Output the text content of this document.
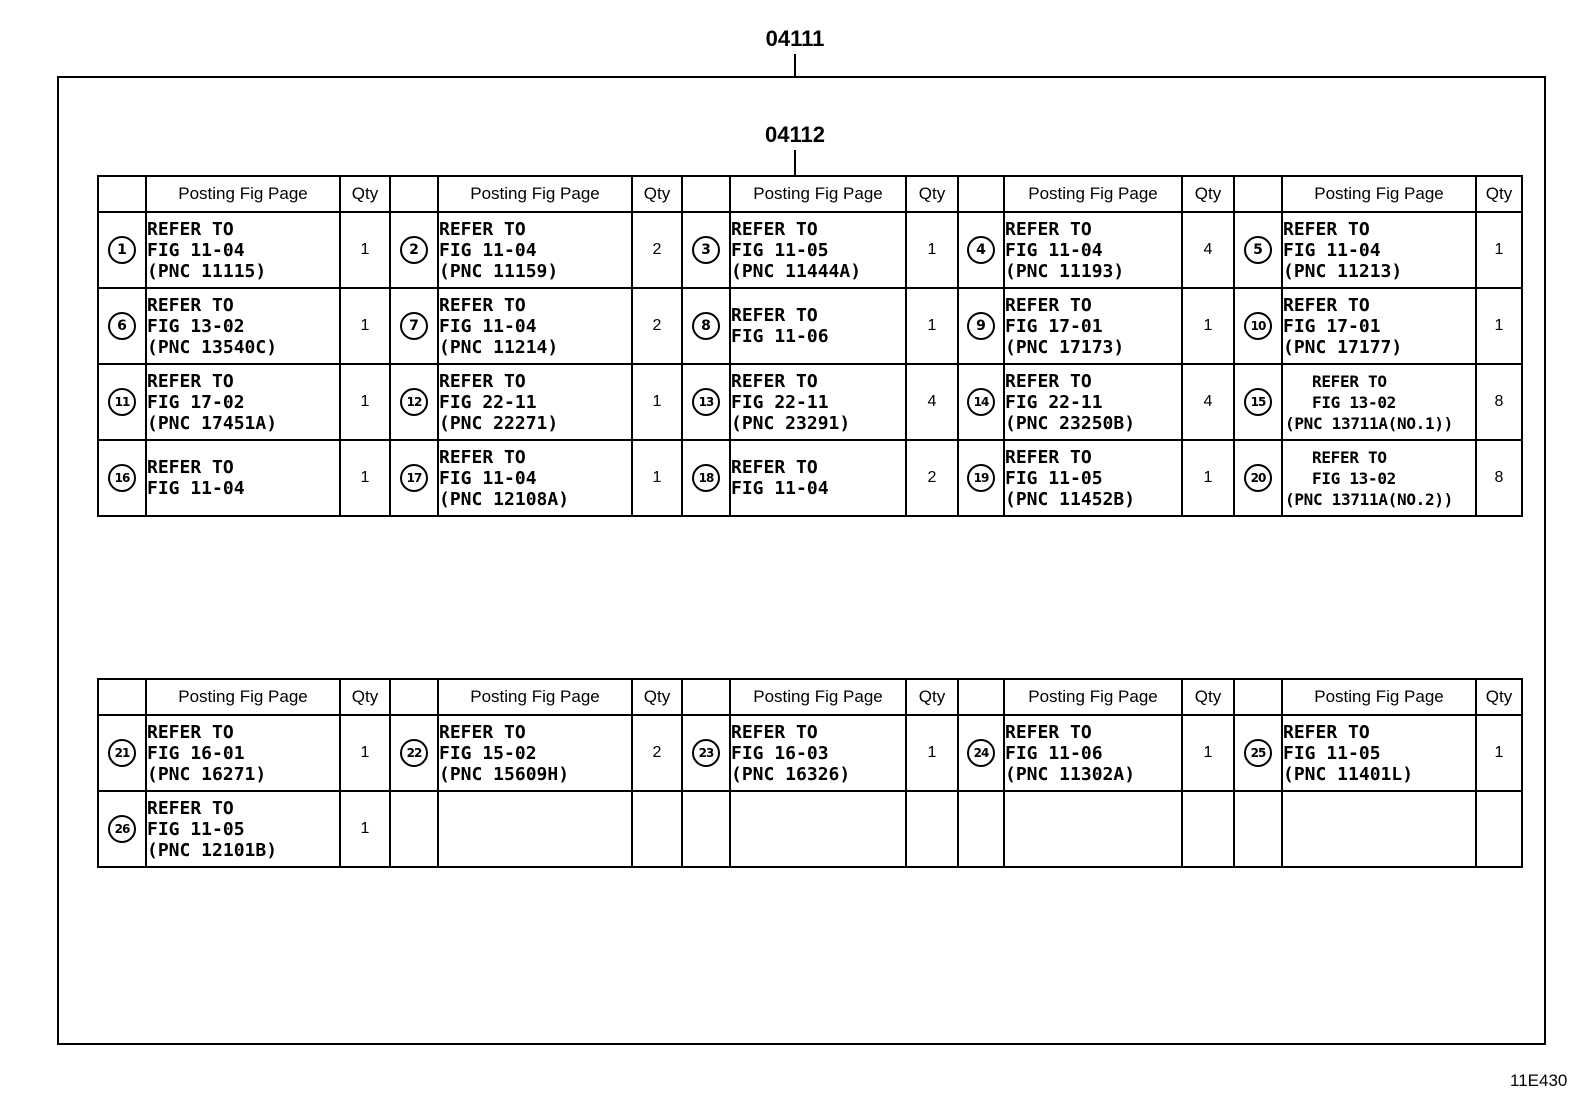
04111
04112
	Posting Fig Page	Qty		Posting Fig Page	Qty		Posting Fig Page	Qty		Posting Fig Page	Qty		Posting Fig Page	Qty
1	REFER TO
FIG 11-04
(PNC 11115)	1	2	REFER TO
FIG 11-04
(PNC 11159)	2	3	REFER TO
FIG 11-05
(PNC 11444A)	1	4	REFER TO
FIG 11-04
(PNC 11193)	4	5	REFER TO
FIG 11-04
(PNC 11213)	1
6	REFER TO
FIG 13-02
(PNC 13540C)	1	7	REFER TO
FIG 11-04
(PNC 11214)	2	8	REFER TO
FIG 11-06	1	9	REFER TO
FIG 17-01
(PNC 17173)	1	10	REFER TO
FIG 17-01
(PNC 17177)	1
11	REFER TO
FIG 17-02
(PNC 17451A)	1	12	REFER TO
FIG 22-11
(PNC 22271)	1	13	REFER TO
FIG 22-11
(PNC 23291)	4	14	REFER TO
FIG 22-11
(PNC 23250B)	4	15	REFER TO
FIG 13-02
(PNC 13711A(NO.1))	8
16	REFER TO
FIG 11-04	1	17	REFER TO
FIG 11-04
(PNC 12108A)	1	18	REFER TO
FIG 11-04	2	19	REFER TO
FIG 11-05
(PNC 11452B)	1	20	REFER TO
FIG 13-02
(PNC 13711A(NO.2))	8
	Posting Fig Page	Qty		Posting Fig Page	Qty		Posting Fig Page	Qty		Posting Fig Page	Qty		Posting Fig Page	Qty
21	REFER TO
FIG 16-01
(PNC 16271)	1	22	REFER TO
FIG 15-02
(PNC 15609H)	2	23	REFER TO
FIG 16-03
(PNC 16326)	1	24	REFER TO
FIG 11-06
(PNC 11302A)	1	25	REFER TO
FIG 11-05
(PNC 11401L)	1
26	REFER TO
FIG 11-05
(PNC 12101B)	1												
11E430
